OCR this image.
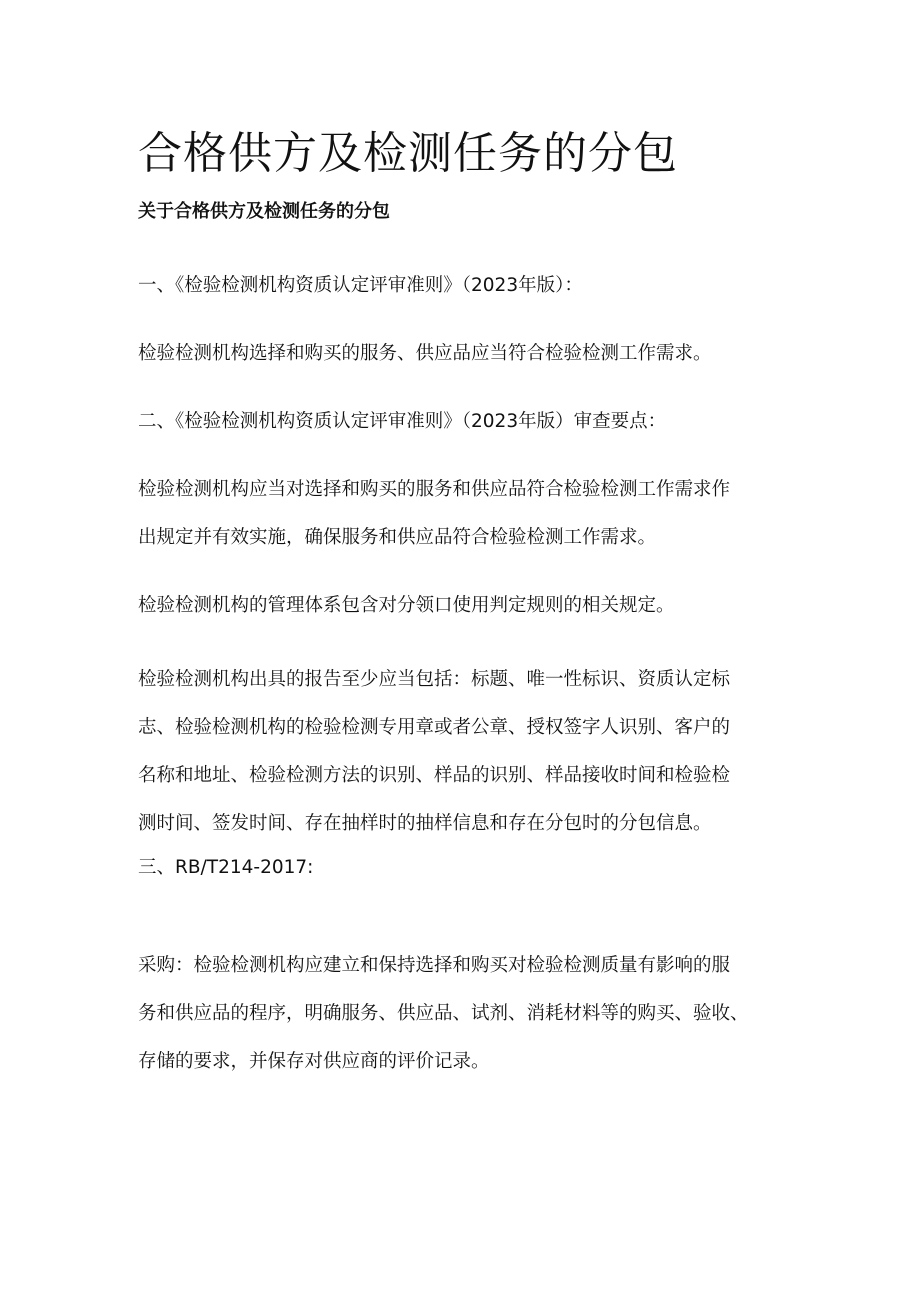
合格供方及检测任务的分包
关于合格供方及检测任务的分包

一、《检验检测机构资质认定评审准则》（2023年版）：

检验检测机构选择和购买的服务、供应品应当符合检验检测工作需求。

二、《检验检测机构资质认定评审准则》（2023年版）审查要点：

检验检测机构应当对选择和购买的服务和供应品符合检验检测工作需求作
出规定并有效实施，确保服务和供应品符合检验检测工作需求。

检验检测机构的管理体系包含对分领口使用判定规则的相关规定。

检验检测机构出具的报告至少应当包括：标题、唯一性标识、资质认定标
志、检验检测机构的检验检测专用章或者公章、授权签字人识别、客户的
名称和地址、检验检测方法的识别、样品的识别、样品接收时间和检验检
测时间、签发时间、存在抽样时的抽样信息和存在分包时的分包信息。

三、RB/T214-2017:

采购：检验检测机构应建立和保持选择和购买对检验检测质量有影响的服
务和供应品的程序，明确服务、供应品、试剂、消耗材料等的购买、验收、
存储的要求，并保存对供应商的评价记录。
